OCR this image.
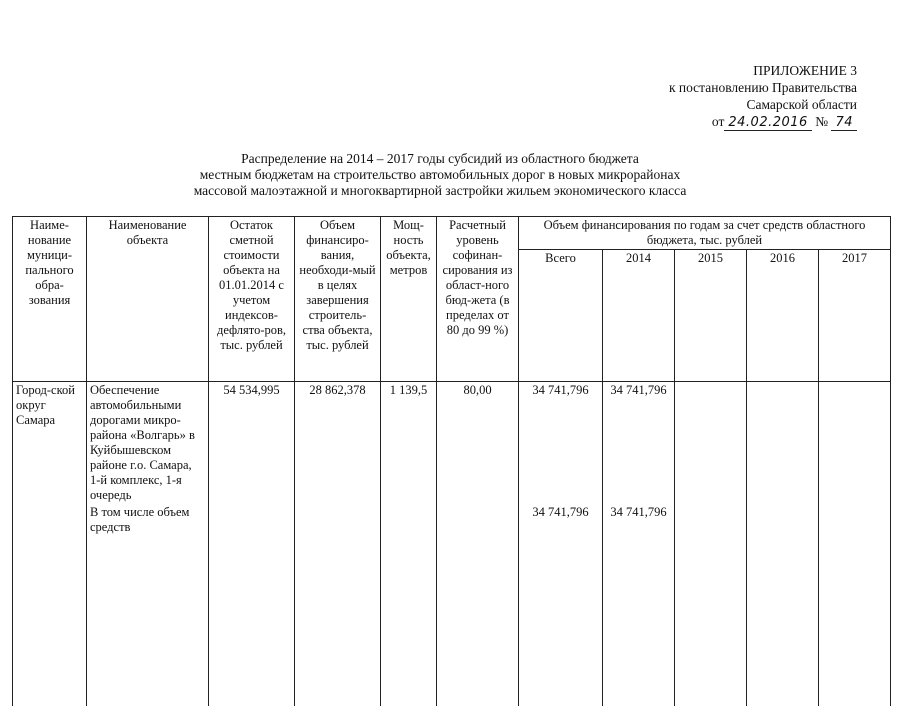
ПРИЛОЖЕНИЕ 3
к постановлению Правительства
Самарской области
от 24.02.2016 № 74
Распределение на 2014 – 2017 годы субсидий из областного бюджета
местным бюджетам на строительство автомобильных дорог в новых микрорайонах
массовой малоэтажной и многоквартирной застройки жильем экономического класса
Наиме-нование муници-пального обра-зования	Наименование объекта	Остаток сметной стоимости объекта на 01.01.2014 с учетом индексов-дефлято-ров, тыс. рублей	Объем финансиро-вания, необходи-мый в целях завершения строитель-ства объекта, тыс. рублей	Мощ-ность объекта, метров	Расчетный уровень софинан-сирования из област-ного бюд-жета (в пределах от 80 до 99 %)	Объем финансирования по годам за счет средств областного бюджета, тыс. рублей				
						Всего	2014	2015	2016	2017
Город-ской округ Самара	Обеспечение автомобильными дорогами микро-района «Волгарь» в Куйбышевском районе г.о. Самара, 1-й комплекс, 1-я очередь	54 534,995	28 862,378	1 139,5	80,00	34 741,796	34 741,796			
	В том числе объем средств					34 741,796	34 741,796			
